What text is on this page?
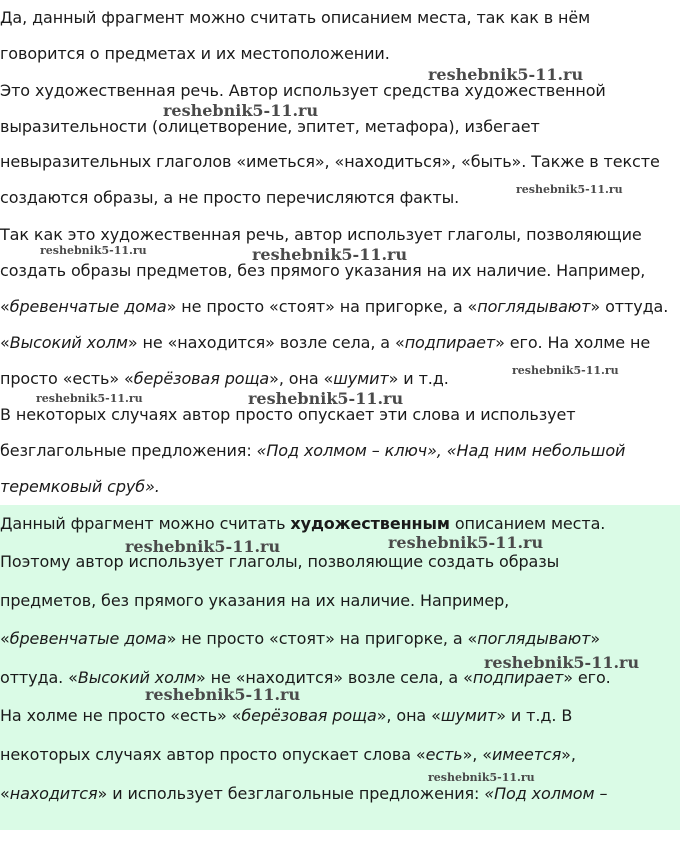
Да, данный фрагмент можно считать описанием места, так как в нём
говорится о предметах и их местоположении.
Это художественная речь. Автор использует средства художественной
выразительности (олицетворение, эпитет, метафора), избегает
невыразительных глаголов «иметься», «находиться», «быть». Также в тексте
создаются образы, а не просто перечисляются факты.
Так как это художественная речь, автор использует глаголы, позволяющие
создать образы предметов, без прямого указания на их наличие. Например,
«бревенчатые дома» не просто «стоят» на пригорке, а «поглядывают» оттуда.
«Высокий холм» не «находится» возле села, а «подпирает» его. На холме не
просто «есть» «берёзовая роща», она «шумит» и т.д.
В некоторых случаях автор просто опускает эти слова и использует
безглагольные предложения: «Под холмом – ключ», «Над ним небольшой
теремковый сруб».
Данный фрагмент можно считать художественным описанием места.
Поэтому автор использует глаголы, позволяющие создать образы
предметов, без прямого указания на их наличие. Например,
«бревенчатые дома» не просто «стоят» на пригорке, а «поглядывают»
оттуда. «Высокий холм» не «находится» возле села, а «подпирает» его.
На холме не просто «есть» «берёзовая роща», она «шумит» и т.д. В
некоторых случаях автор просто опускает слова «есть», «имеется»,
«находится» и использует безглагольные предложения: «Под холмом –
reshebnik5-11.ru
reshebnik5-11.ru
reshebnik5-11.ru
reshebnik5-11.ru	reshebnik5-11.ru
reshebnik5-11.ru
reshebnik5-11.ru	reshebnik5-11.ru
reshebnik5-11.ru	reshebnik5-11.ru
reshebnik5-11.ru
reshebnik5-11.ru
reshebnik5-11.ru
